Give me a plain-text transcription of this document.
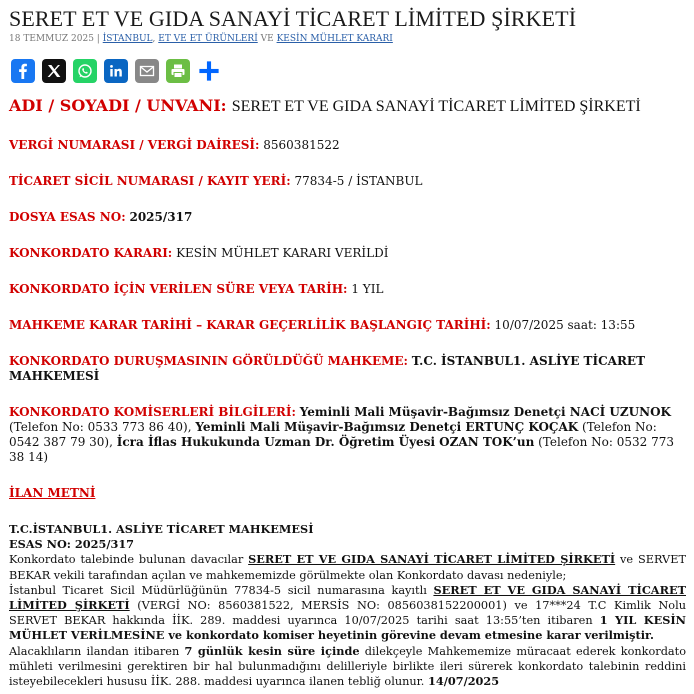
SERET ET VE GIDA SANAYİ TİCARET LİMİTED ŞİRKETİ
18 TEMMUZ 2025 | İSTANBUL, ET VE ET ÜRÜNLERİ VE KESİN MÜHLET KARARI
ADI / SOYADI / UNVANI: SERET ET VE GIDA SANAYİ TİCARET LİMİTED ŞİRKETİ
VERGİ NUMARASI / VERGİ DAİRESİ: 8560381522
TİCARET SİCİL NUMARASI / KAYIT YERİ: 77834-5 / İSTANBUL
DOSYA ESAS NO: 2025/317
KONKORDATO KARARI: KESİN MÜHLET KARARI VERİLDİ
KONKORDATO İÇİN VERİLEN SÜRE VEYA TARİH: 1 YIL
MAHKEME KARAR TARİHİ – KARAR GEÇERLİLİK BAŞLANGIÇ TARİHİ: 10/07/2025 saat: 13:55
KONKORDATO DURUŞMASININ GÖRÜLDÜĞÜ MAHKEME: T.C. İSTANBUL1. ASLİYE TİCARET MAHKEMESİ
KONKORDATO KOMİSERLERİ BİLGİLERİ: Yeminli Mali Müşavir-Bağımsız Denetçi NACİ UZUNOK (Telefon No: 0533 773 86 40), Yeminli Mali Müşavir-Bağımsız Denetçi ERTUNÇ KOÇAK (Telefon No: 0542 387 79 30), İcra İflas Hukukunda Uzman Dr. Öğretim Üyesi OZAN TOK’un (Telefon No: 0532 773 38 14)
İLAN METNİ
T.C.İSTANBUL1. ASLİYE TİCARET MAHKEMESİ
ESAS NO: 2025/317
Konkordato talebinde bulunan davacılar SERET ET VE GIDA SANAYİ TİCARET LİMİTED ŞİRKETİ ve SERVET BEKAR vekili tarafından açılan ve mahkememizde görülmekte olan Konkordato davası nedeniyle;
İstanbul Ticaret Sicil Müdürlüğünün 77834-5 sicil numarasına kayıtlı SERET ET VE GIDA SANAYİ TİCARET LİMİTED ŞİRKETİ (VERGİ NO: 8560381522, MERSİS NO: 0856038152200001) ve 17***24 T.C Kimlik Nolu SERVET BEKAR hakkında İİK. 289. maddesi uyarınca 10/07/2025 tarihi saat 13:55’ten itibaren 1 YIL KESİN MÜHLET VERİLMESİNE ve konkordato komiser heyetinin görevine devam etmesine karar verilmiştir.
Alacaklıların ilandan itibaren 7 günlük kesin süre içinde dilekçeyle Mahkememize müracaat ederek konkordato mühleti verilmesini gerektiren bir hal bulunmadığını delilleriyle birlikte ileri sürerek konkordato talebinin reddini isteyebilecekleri hususu İİK. 288. maddesi uyarınca ilanen tebliğ olunur. 14/07/2025
